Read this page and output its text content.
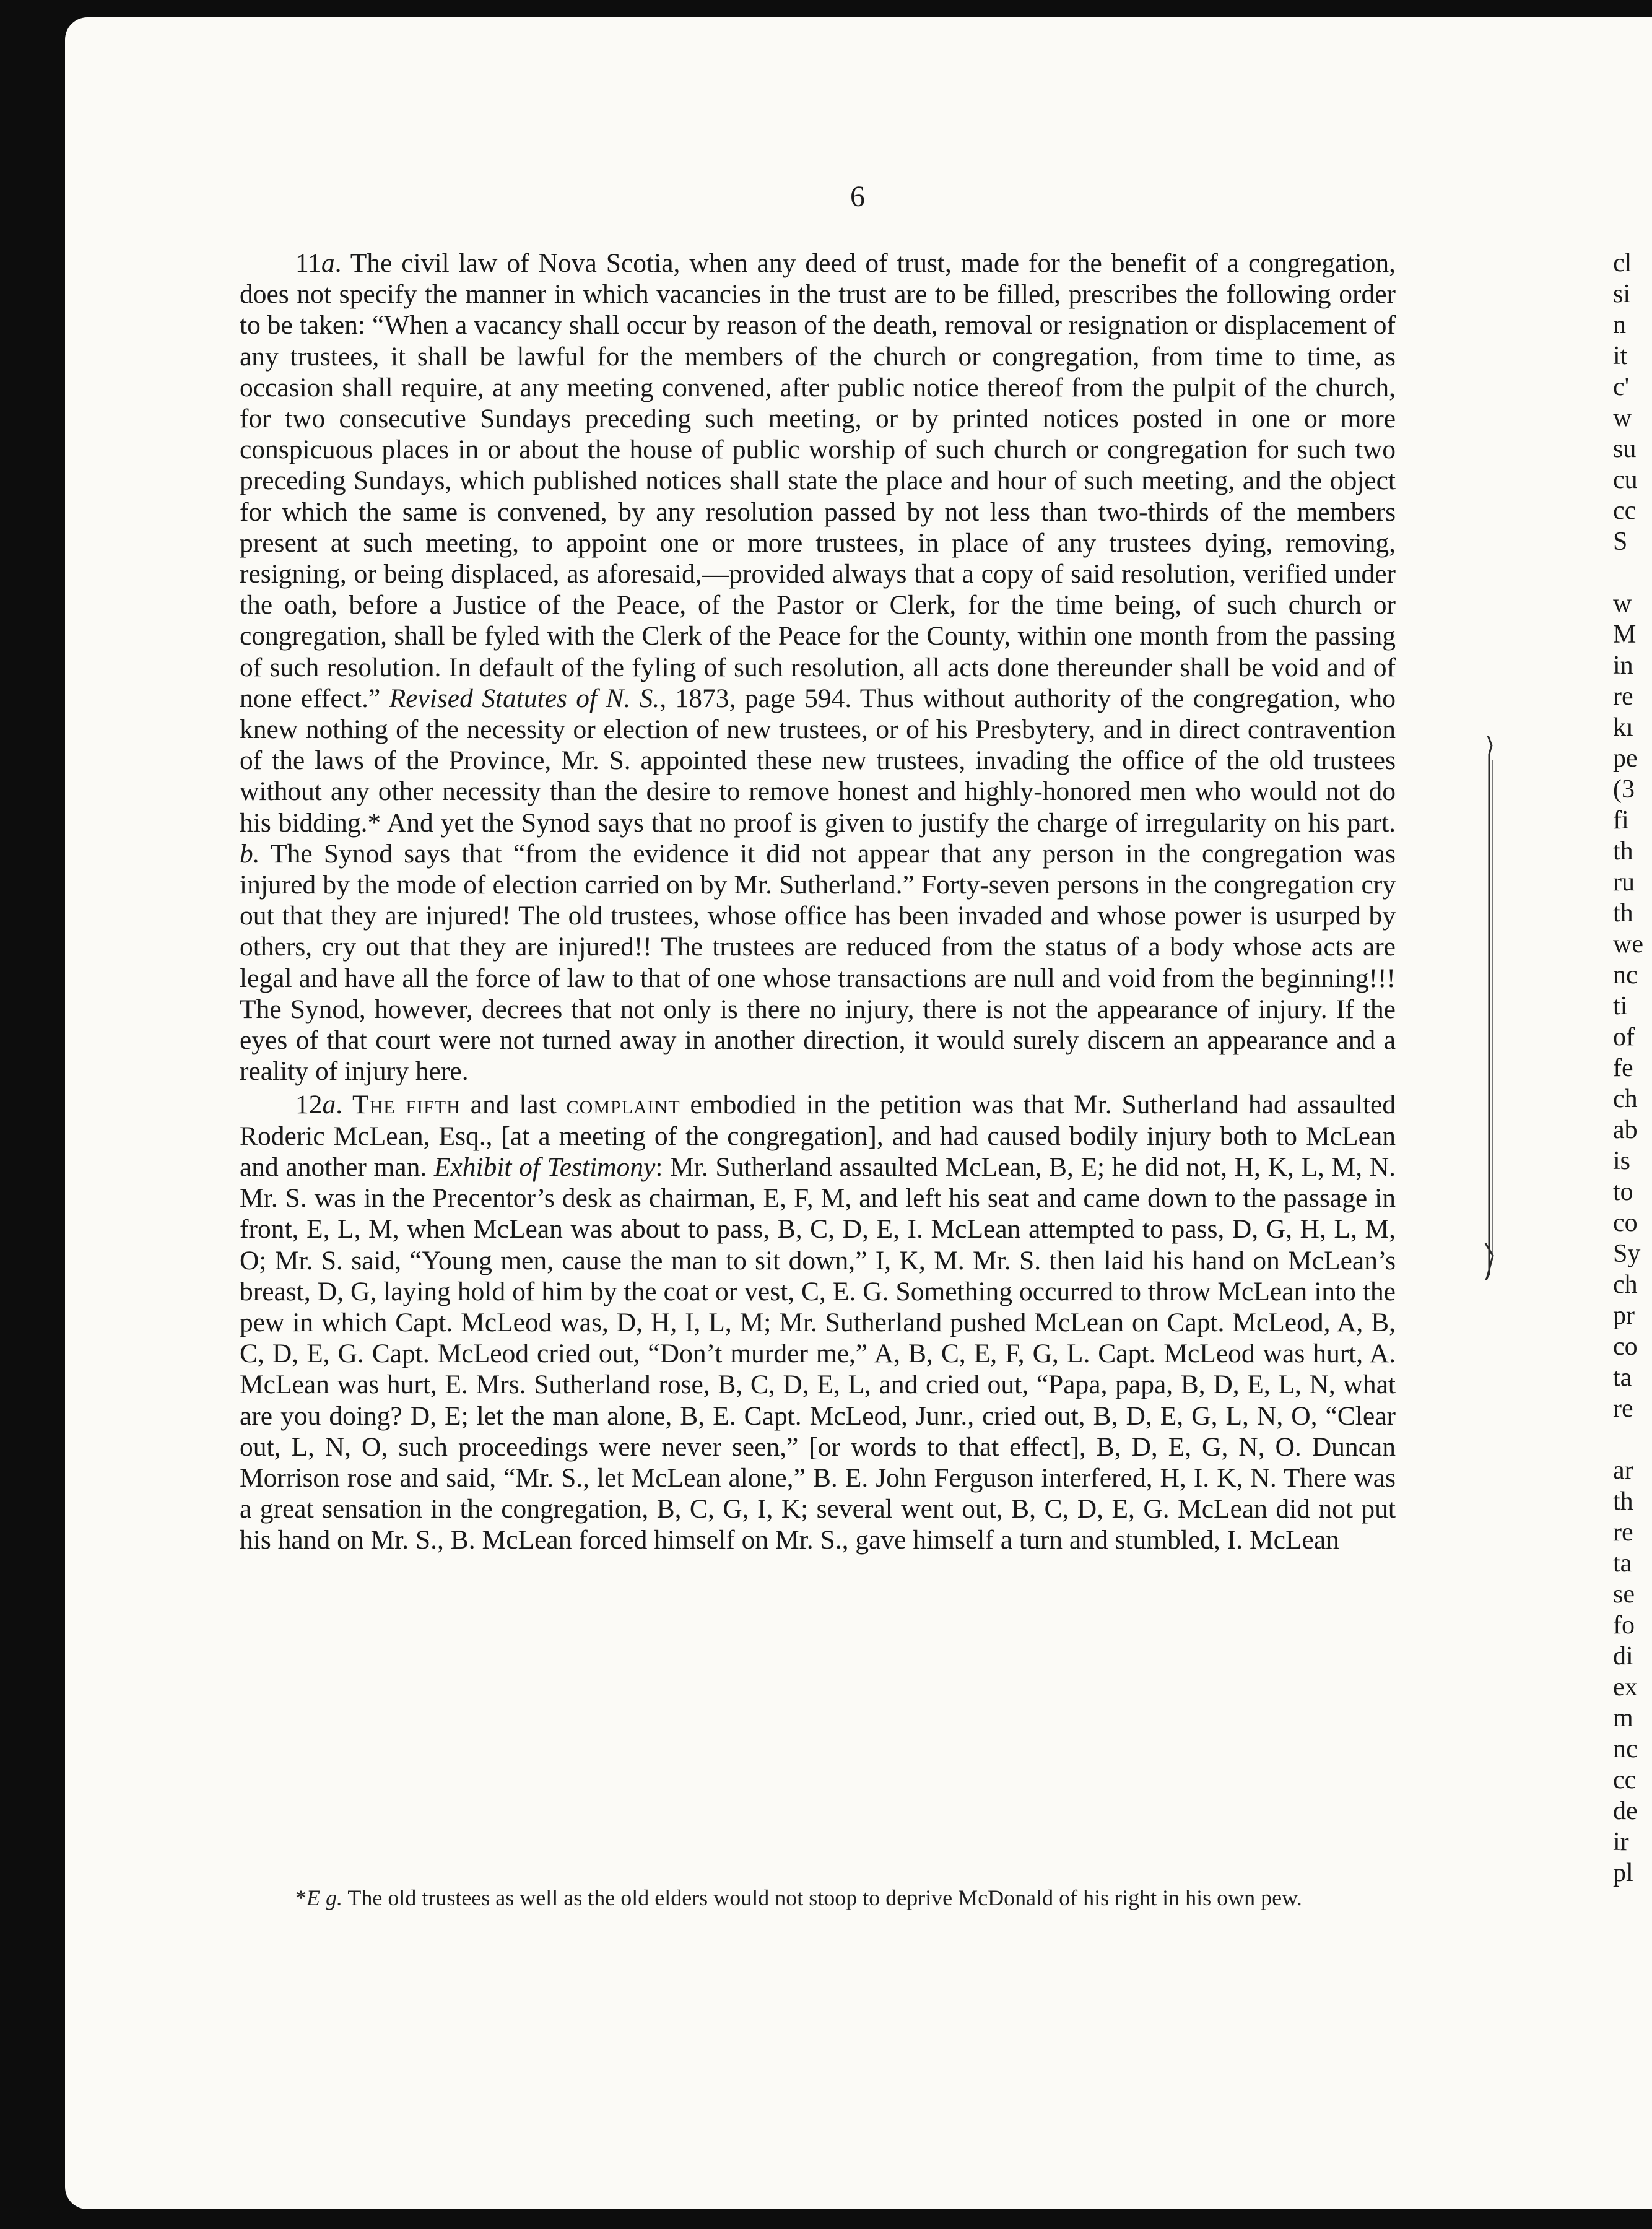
6

11a. The civil law of Nova Scotia, when any deed of trust, made for the benefit of a congregation, does not specify the manner in which vacancies in the trust are to be filled, prescribes the following order to be taken: “When a vacancy shall occur by reason of the death, removal or resignation or displacement of any trustees, it shall be lawful for the members of the church or congregation, from time to time, as occasion shall require, at any meeting convened, after public notice thereof from the pulpit of the church, for two consecutive Sundays preceding such meeting, or by printed notices posted in one or more conspicuous places in or about the house of public worship of such church or congregation for such two preceding Sundays, which published notices shall state the place and hour of such meeting, and the object for which the same is convened, by any resolution passed by not less than two-thirds of the members present at such meeting, to appoint one or more trustees, in place of any trustees dying, removing, resigning, or being displaced, as aforesaid,—provided always that a copy of said resolution, verified under the oath, before a Justice of the Peace, of the Pastor or Clerk, for the time being, of such church or congregation, shall be fyled with the Clerk of the Peace for the County, within one month from the passing of such resolution. In default of the fyling of such resolution, all acts done thereunder shall be void and of none effect.” Revised Statutes of N. S., 1873, page 594. Thus without authority of the congregation, who knew nothing of the necessity or election of new trustees, or of his Presbytery, and in direct contravention of the laws of the Province, Mr. S. appointed these new trustees, invading the office of the old trustees without any other necessity than the desire to remove honest and highly-honored men who would not do his bidding.* And yet the Synod says that no proof is given to justify the charge of irregularity on his part. b. The Synod says that “from the evidence it did not appear that any person in the congregation was injured by the mode of election carried on by Mr. Sutherland.” Forty-seven persons in the congregation cry out that they are injured! The old trustees, whose office has been invaded and whose power is usurped by others, cry out that they are injured!! The trustees are reduced from the status of a body whose acts are legal and have all the force of law to that of one whose transactions are null and void from the beginning!!! The Synod, however, decrees that not only is there no injury, there is not the appearance of injury. If the eyes of that court were not turned away in another direction, it would surely discern an appearance and a reality of injury here.

12a. The fifth and last complaint embodied in the petition was that Mr. Sutherland had assaulted Roderic McLean, Esq., [at a meeting of the congregation], and had caused bodily injury both to McLean and another man. Exhibit of Testimony: Mr. Sutherland assaulted McLean, B, E; he did not, H, K, L, M, N. Mr. S. was in the Precentor’s desk as chairman, E, F, M, and left his seat and came down to the passage in front, E, L, M, when McLean was about to pass, B, C, D, E, I. McLean attempted to pass, D, G, H, L, M, O; Mr. S. said, “Young men, cause the man to sit down,” I, K, M. Mr. S. then laid his hand on McLean’s breast, D, G, laying hold of him by the coat or vest, C, E. G. Something occurred to throw McLean into the pew in which Capt. McLeod was, D, H, I, L, M; Mr. Sutherland pushed McLean on Capt. McLeod, A, B, C, D, E, G. Capt. McLeod cried out, “Don’t murder me,” A, B, C, E, F, G, L. Capt. McLeod was hurt, A. McLean was hurt, E. Mrs. Sutherland rose, B, C, D, E, L, and cried out, “Papa, papa, B, D, E, L, N, what are you doing? D, E; let the man alone, B, E. Capt. McLeod, Junr., cried out, B, D, E, G, L, N, O, “Clear out, L, N, O, such proceedings were never seen,” [or words to that effect], B, D, E, G, N, O. Duncan Morrison rose and said, “Mr. S., let McLean alone,” B. E. John Ferguson interfered, H, I. K, N. There was a great sensation in the congregation, B, C, G, I, K; several went out, B, C, D, E, G. McLean did not put his hand on Mr. S., B. McLean forced himself on Mr. S., gave himself a turn and stumbled, I. McLean

*E g. The old trustees as well as the old elders would not stoop to deprive McDonald of his right in his own pew.
cl
si
n
it
c'
w
su
cu
cc
S

w
M
in
re
kı
pe
(3
fi
th
ru
th
we
nc
ti
of
fe
ch
ab
is
to
co
Sy
ch
pr
co
ta
re

ar
th
re
ta
se
fo
di
ex
m
nc
cc
de
ir
pl
